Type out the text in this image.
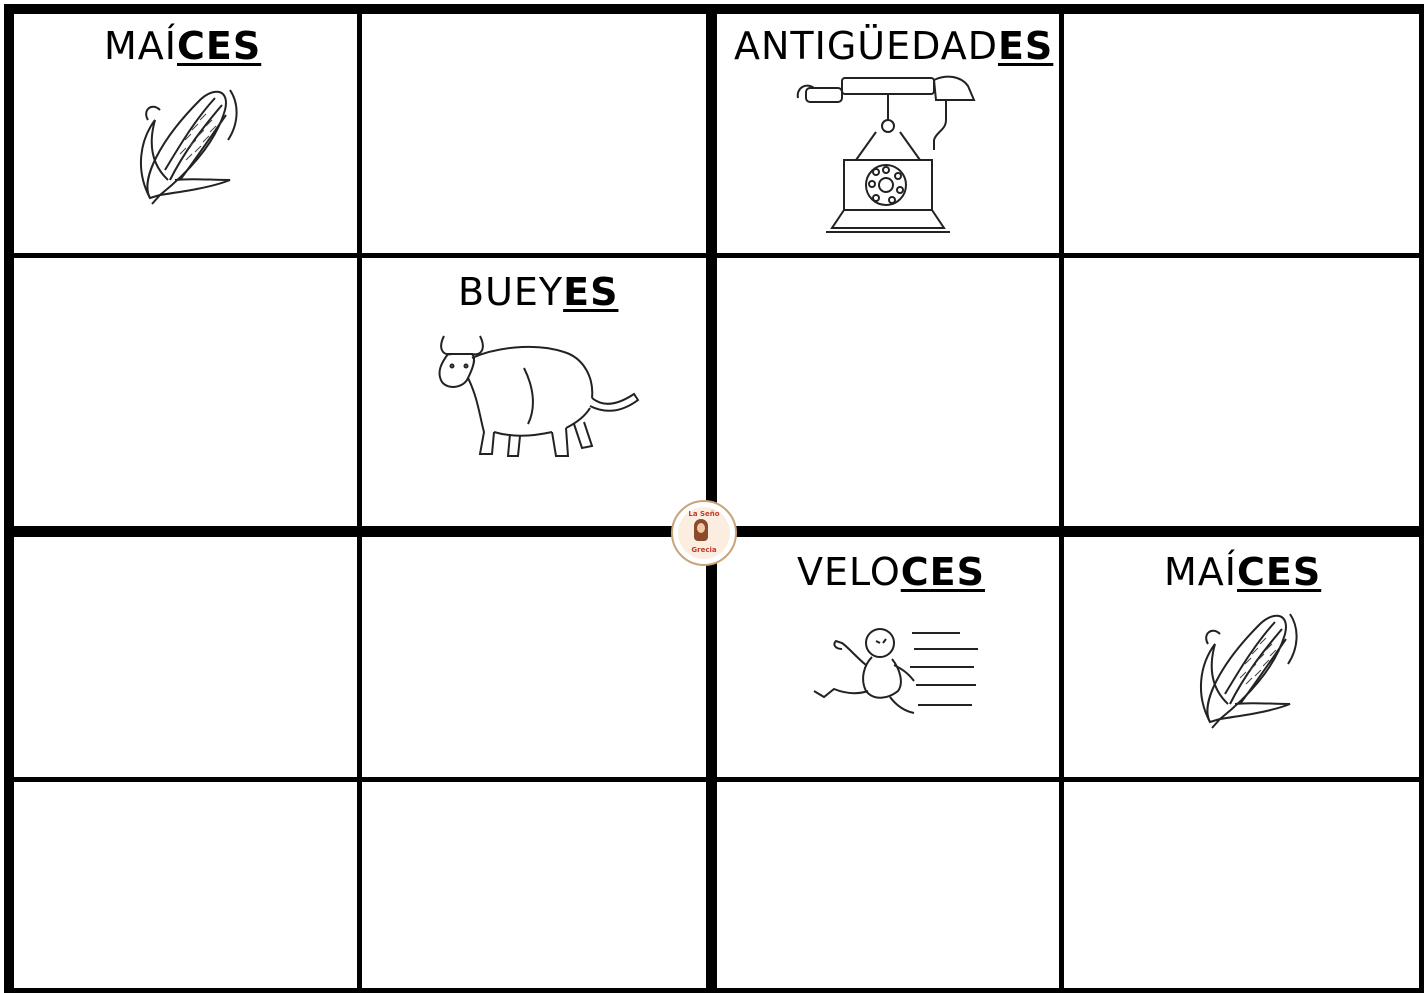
MAÍCES	ANTIGÜEDADES
BUEYES
VELOCES	MAÍCES
La Seño
Grecia
